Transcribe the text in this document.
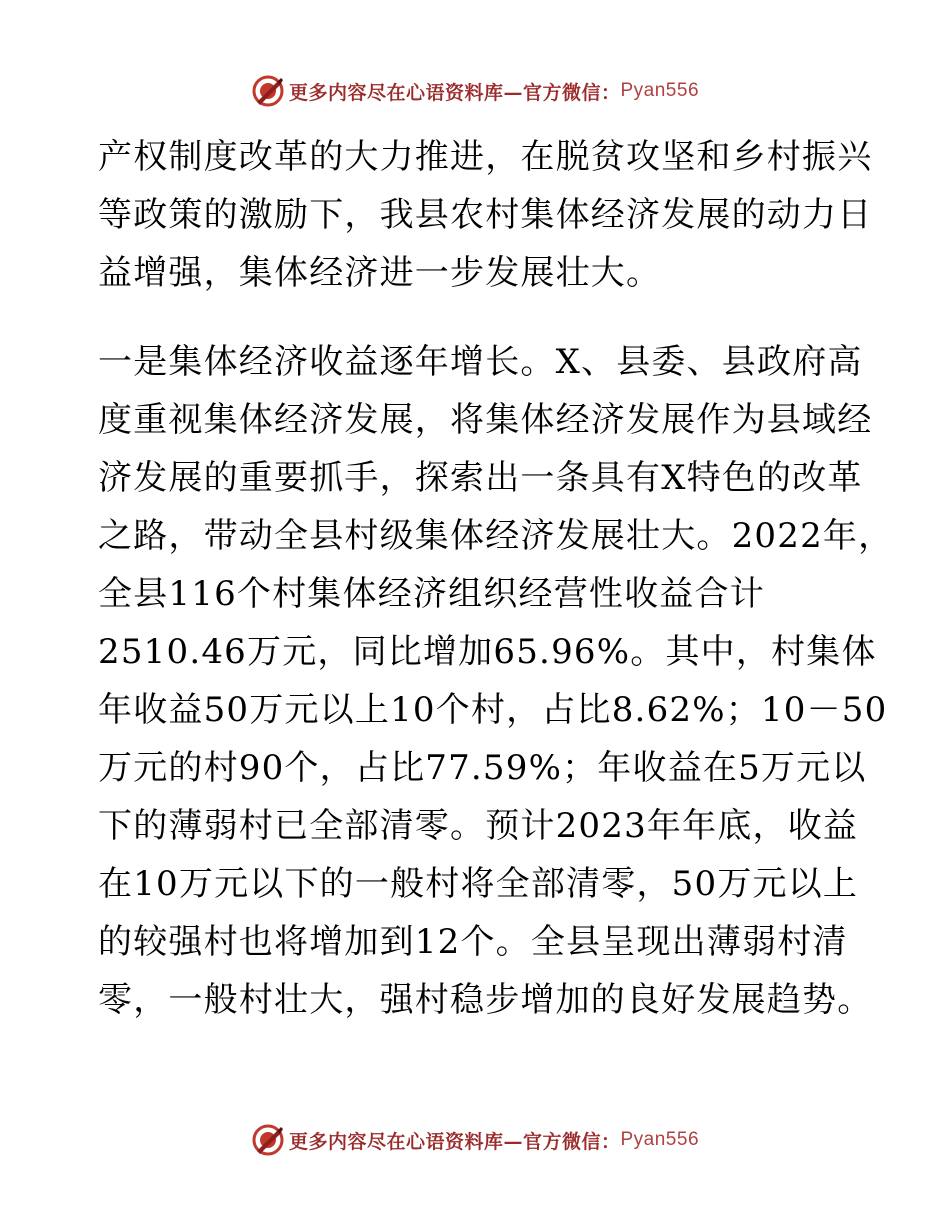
更多内容尽在心语资料库—官方微信： Pyan556
产权制度改革的大力推进，在脱贫攻坚和乡村振兴
等政策的激励下，我县农村集体经济发展的动力日
益增强，集体经济进一步发展壮大。
一是集体经济收益逐年增长。X、县委、县政府高
度重视集体经济发展，将集体经济发展作为县域经
济发展的重要抓手，探索出一条具有X特色的改革
之路，带动全县村级集体经济发展壮大。2022年，
全县116个村集体经济组织经营性收益合计
2510.46万元，同比增加65.96%。其中，村集体
年收益50万元以上10个村，占比8.62%；10－50
万元的村90个，占比77.59%；年收益在5万元以
下的薄弱村已全部清零。预计2023年年底，收益
在10万元以下的一般村将全部清零，50万元以上
的较强村也将增加到12个。全县呈现出薄弱村清
零，一般村壮大，强村稳步增加的良好发展趋势。
更多内容尽在心语资料库—官方微信： Pyan556
